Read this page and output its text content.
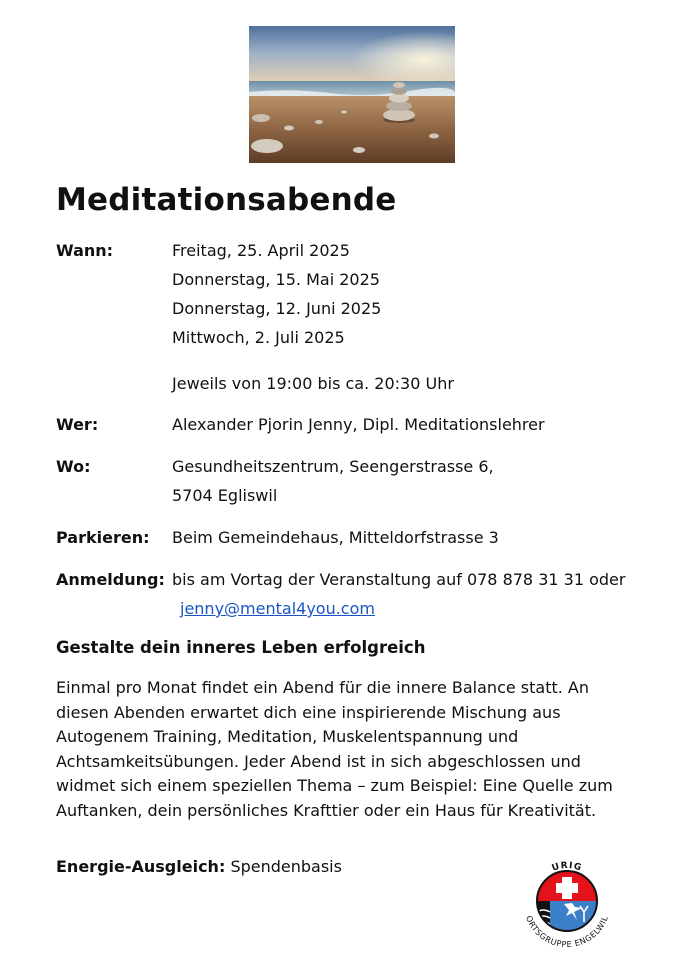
Meditationsabende
Wann:	Freitag, 25. April 2025
Donnerstag, 15. Mai 2025
Donnerstag, 12. Juni 2025
Mittwoch, 2. Juli 2025
Jeweils von 19:00 bis ca. 20:30 Uhr
Wer:	Alexander Pjorin Jenny, Dipl. Meditationslehrer
Wo:	Gesundheitszentrum, Seengerstrasse 6,
5704 Egliswil
Parkieren: Beim Gemeindehaus, Mitteldorfstrasse 3
Anmeldung: bis am Vortag der Veranstaltung auf 078 878 31 31 oder
jenny@mental4you.com
Gestalte dein inneres Leben erfolgreich

Einmal pro Monat findet ein Abend für die innere Balance statt. An
diesen Abenden erwartet dich eine inspirierende Mischung aus
Autogenem Training, Meditation, Muskelentspannung und
Achtsamkeitsübungen. Jeder Abend ist in sich abgeschlossen und
widmet sich einem speziellen Thema – zum Beispiel: Eine Quelle zum
Auftanken, dein persönliches Krafttier oder ein Haus für Kreativität.

Energie-Ausgleich: Spendenbasis	URIG
ORTSGRUPPE ENGELWIL
